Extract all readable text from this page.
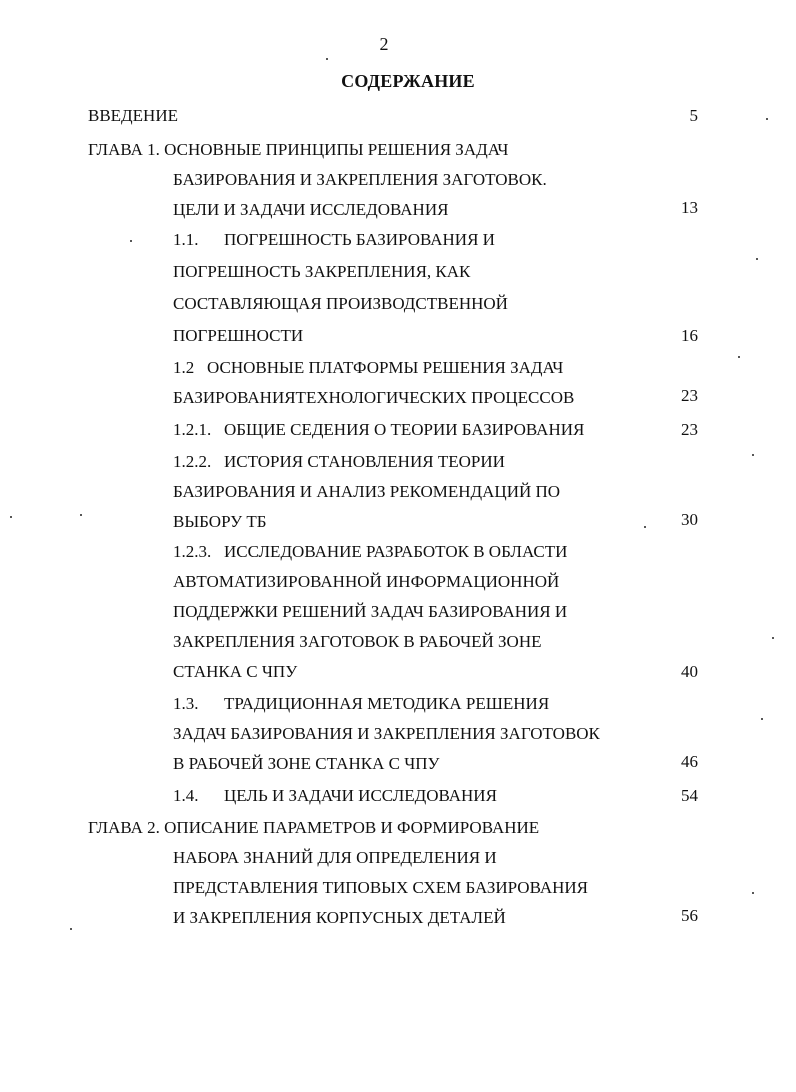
2
СОДЕРЖАНИЕ
ВВЕДЕНИЕ	5
ГЛАВА 1. ОСНОВНЫЕ ПРИНЦИПЫ РЕШЕНИЯ ЗАДАЧ
БАЗИРОВАНИЯ И ЗАКРЕПЛЕНИЯ ЗАГОТОВОК.
ЦЕЛИ И ЗАДАЧИ ИССЛЕДОВАНИЯ	13
1.1.  ПОГРЕШНОСТЬ БАЗИРОВАНИЯ И
ПОГРЕШНОСТЬ ЗАКРЕПЛЕНИЯ, КАК
СОСТАВЛЯЮЩАЯ ПРОИЗВОДСТВЕННОЙ
ПОГРЕШНОСТИ	16
1.2  ОСНОВНЫЕ ПЛАТФОРМЫ РЕШЕНИЯ ЗАДАЧ
БАЗИРОВАНИЯТЕХНОЛОГИЧЕСКИХ ПРОЦЕССОВ	23
1.2.1.  ОБЩИЕ СЕДЕНИЯ О ТЕОРИИ БАЗИРОВАНИЯ	23
1.2.2.  ИСТОРИЯ СТАНОВЛЕНИЯ ТЕОРИИ
БАЗИРОВАНИЯ И АНАЛИЗ РЕКОМЕНДАЦИЙ ПО
ВЫБОРУ ТБ	30
1.2.3.  ИССЛЕДОВАНИЕ РАЗРАБОТОК В ОБЛАСТИ
АВТОМАТИЗИРОВАННОЙ ИНФОРМАЦИОННОЙ
ПОДДЕРЖКИ РЕШЕНИЙ ЗАДАЧ БАЗИРОВАНИЯ И
ЗАКРЕПЛЕНИЯ ЗАГОТОВОК В РАБОЧЕЙ ЗОНЕ
СТАНКА С ЧПУ	40
1.3.  ТРАДИЦИОННАЯ МЕТОДИКА РЕШЕНИЯ
ЗАДАЧ БАЗИРОВАНИЯ И ЗАКРЕПЛЕНИЯ ЗАГОТОВОК
В РАБОЧЕЙ ЗОНЕ СТАНКА С ЧПУ	46
1.4.  ЦЕЛЬ И ЗАДАЧИ ИССЛЕДОВАНИЯ	54
ГЛАВА 2. ОПИСАНИЕ ПАРАМЕТРОВ И ФОРМИРОВАНИЕ
НАБОРА ЗНАНИЙ ДЛЯ ОПРЕДЕЛЕНИЯ И
ПРЕДСТАВЛЕНИЯ ТИПОВЫХ СХЕМ БАЗИРОВАНИЯ
И ЗАКРЕПЛЕНИЯ КОРПУСНЫХ ДЕТАЛЕЙ	56
